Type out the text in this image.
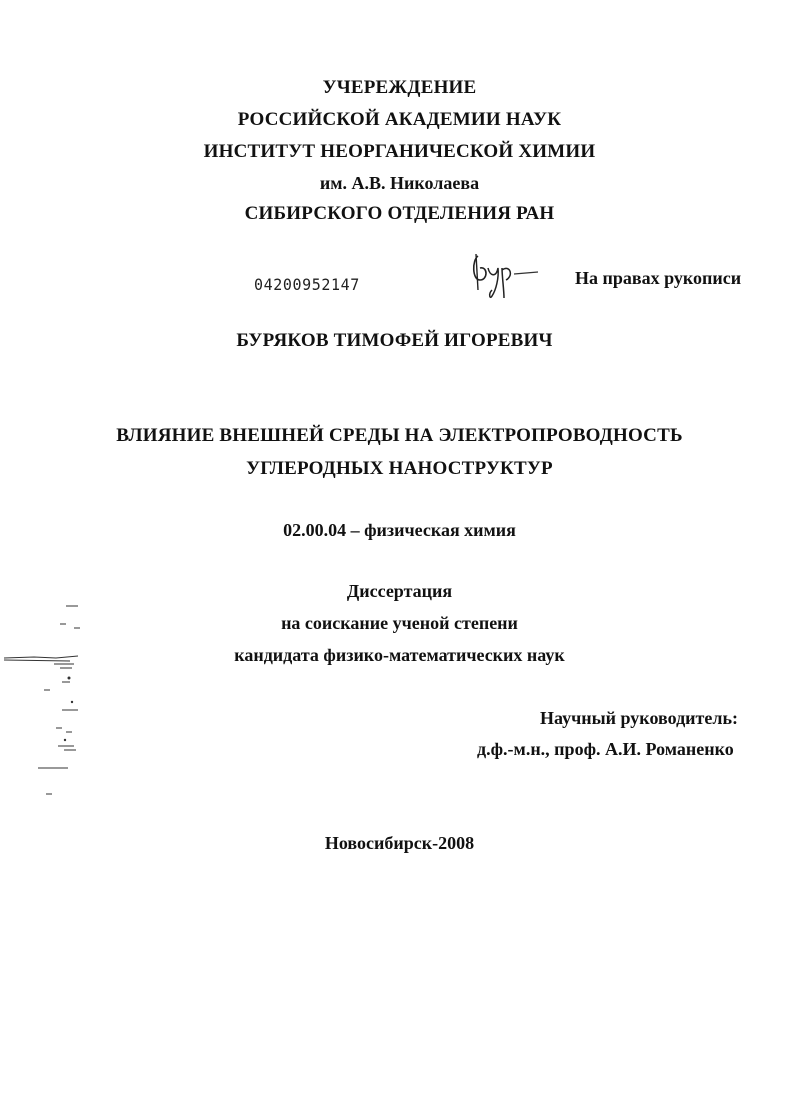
УЧЕРЕЖДЕНИЕ
РОССИЙСКОЙ АКАДЕМИИ НАУК
ИНСТИТУТ НЕОРГАНИЧЕСКОЙ ХИМИИ
им. А.В. Николаева
СИБИРСКОГО ОТДЕЛЕНИЯ РАН
04200952147	На правах рукописи
БУРЯКОВ ТИМОФЕЙ ИГОРЕВИЧ
ВЛИЯНИЕ ВНЕШНЕЙ СРЕДЫ НА ЭЛЕКТРОПРОВОДНОСТЬ
УГЛЕРОДНЫХ НАНОСТРУКТУР
02.00.04 – физическая химия
Диссертация
на соискание ученой степени
кандидата физико-математических наук
Научный руководитель:
д.ф.-м.н., проф. А.И. Романенко
Новосибирск-2008
